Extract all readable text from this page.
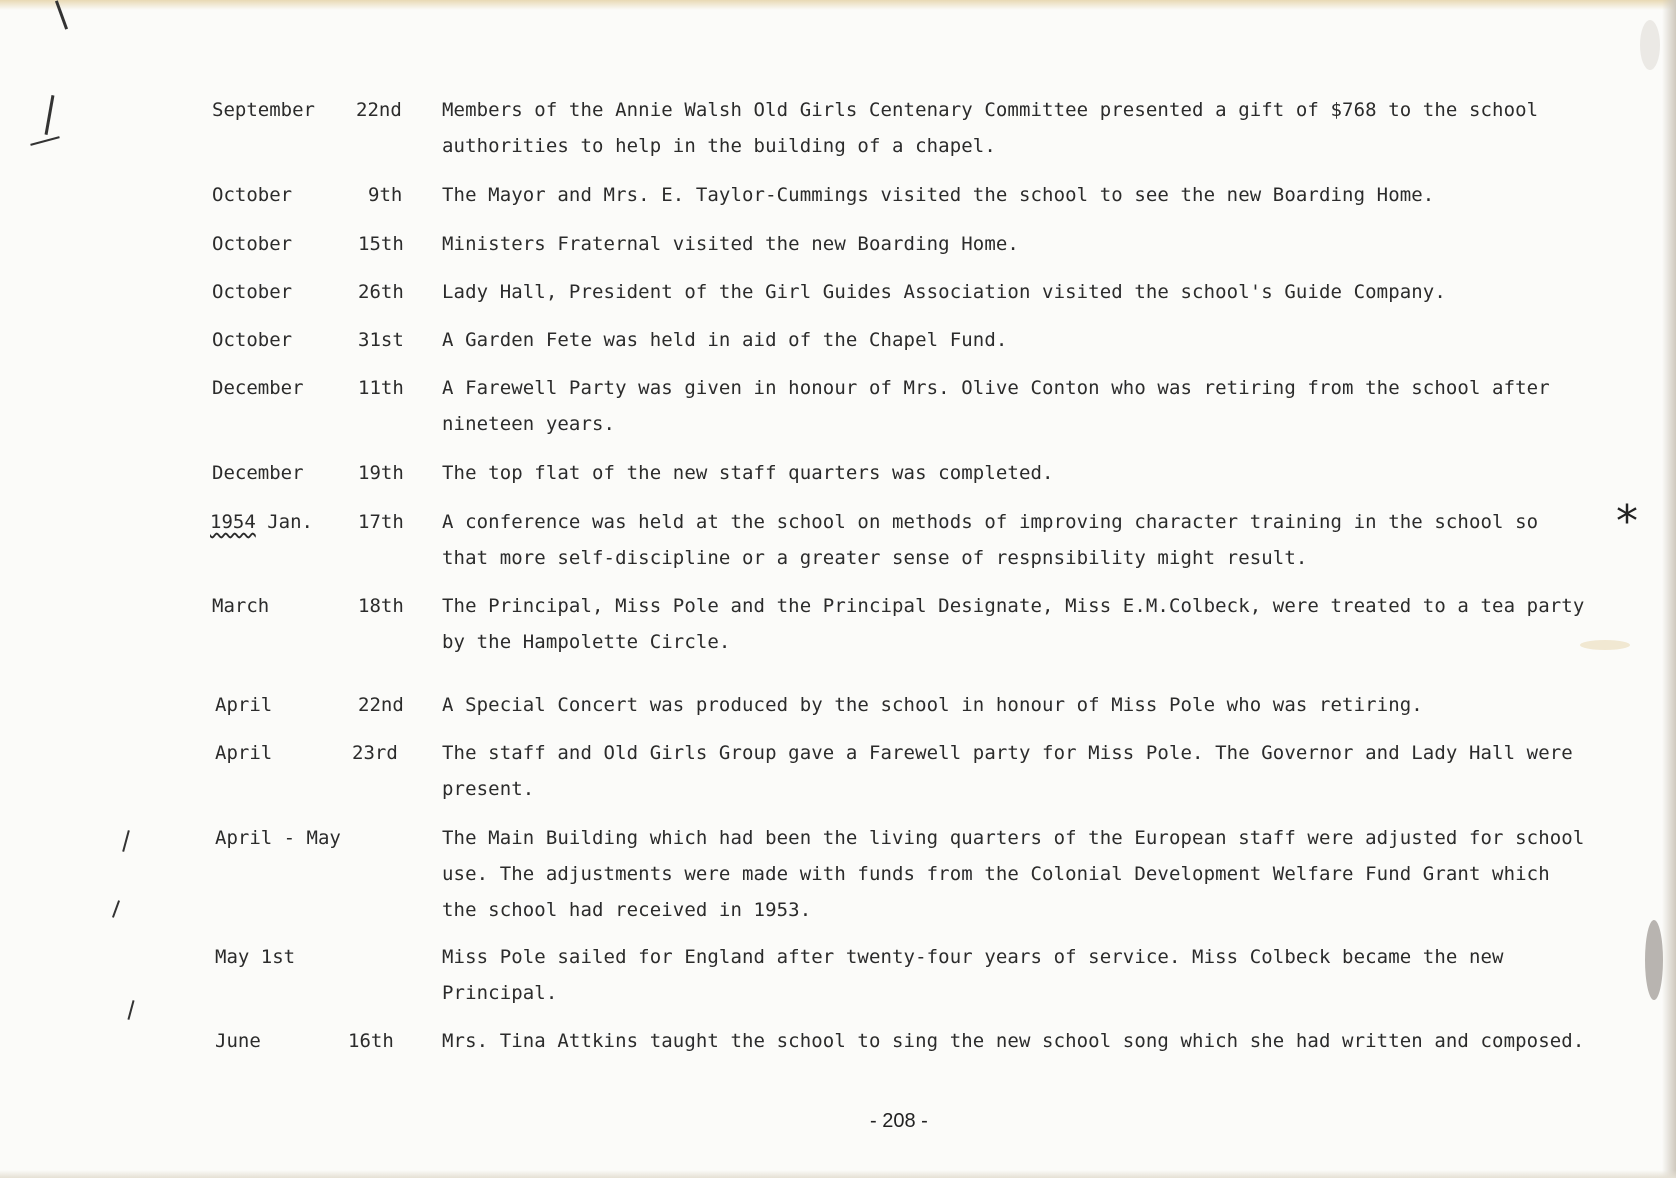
September 22nd Members of the Annie Walsh Old Girls Centenary Committee presented a gift of $768 to the school authorities to help in the building of a chapel.
October	9th The Mayor and Mrs. E. Taylor-Cummings visited the school to see the new Boarding Home.
October	15th Ministers Fraternal visited the new Boarding Home.
October	26th Lady Hall, President of the Girl Guides Association visited the school's Guide Company.
October	31st A Garden Fete was held in aid of the Chapel Fund.
December	11th A Farewell Party was given in honour of Mrs. Olive Conton who was retiring from the school after nineteen years.
December	19th The top flat of the new staff quarters was completed.
1954 Jan. 17th A conference was held at the school on methods of improving character training in the school so that more self-discipline or a greater sense of respnsibility might result.
March	18th The Principal, Miss Pole and the Principal Designate, Miss E.M.Colbeck, were treated to a tea party by the Hampolette Circle.
April	22nd A Special Concert was produced by the school in honour of Miss Pole who was retiring.
April	23rd The staff and Old Girls Group gave a Farewell party for Miss Pole. The Governor and Lady Hall were present.
April - May	The Main Building which had been the living quarters of the European staff were adjusted for school use. The adjustments were made with funds from the Colonial Development Welfare Fund Grant which the school had received in 1953.
May 1st	Miss Pole sailed for England after twenty-four years of service. Miss Colbeck became the new Principal.
June	16th	Mrs. Tina Attkins taught the school to sing the new school song which she had written and composed.
*
- 208 -
